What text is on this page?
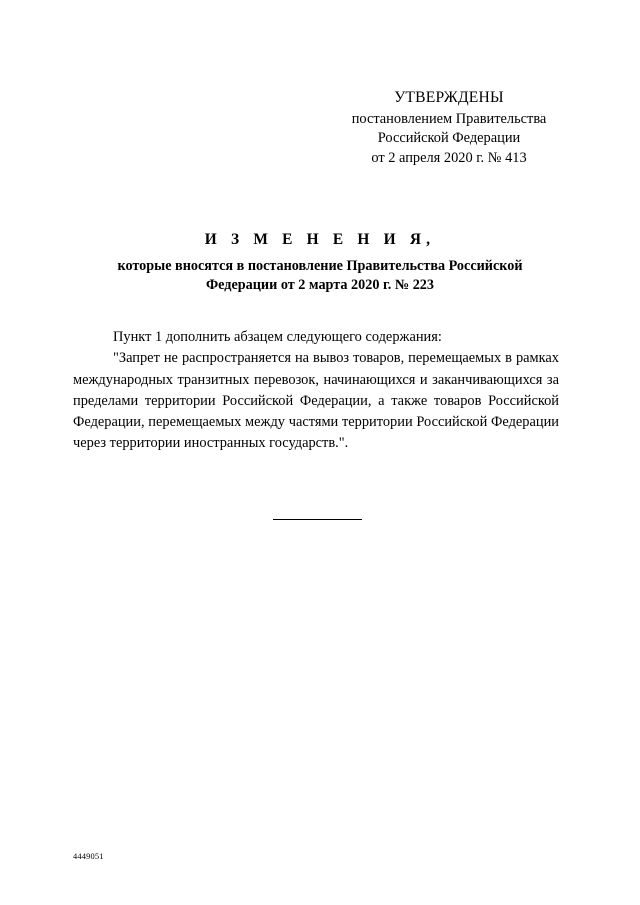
УТВЕРЖДЕНЫ
постановлением Правительства
Российской Федерации
от 2 апреля 2020 г. № 413
И З М Е Н Е Н И Я,
которые вносятся в постановление Правительства Российской
Федерации от 2 марта 2020 г. № 223

Пункт 1 дополнить абзацем следующего содержания:

"Запрет не распространяется на вывоз товаров, перемещаемых в рамках международных транзитных перевозок, начинающихся и заканчивающихся за пределами территории Российской Федерации, а также товаров Российской Федерации, перемещаемых между частями территории Российской Федерации через территории иностранных государств.".

4449051
